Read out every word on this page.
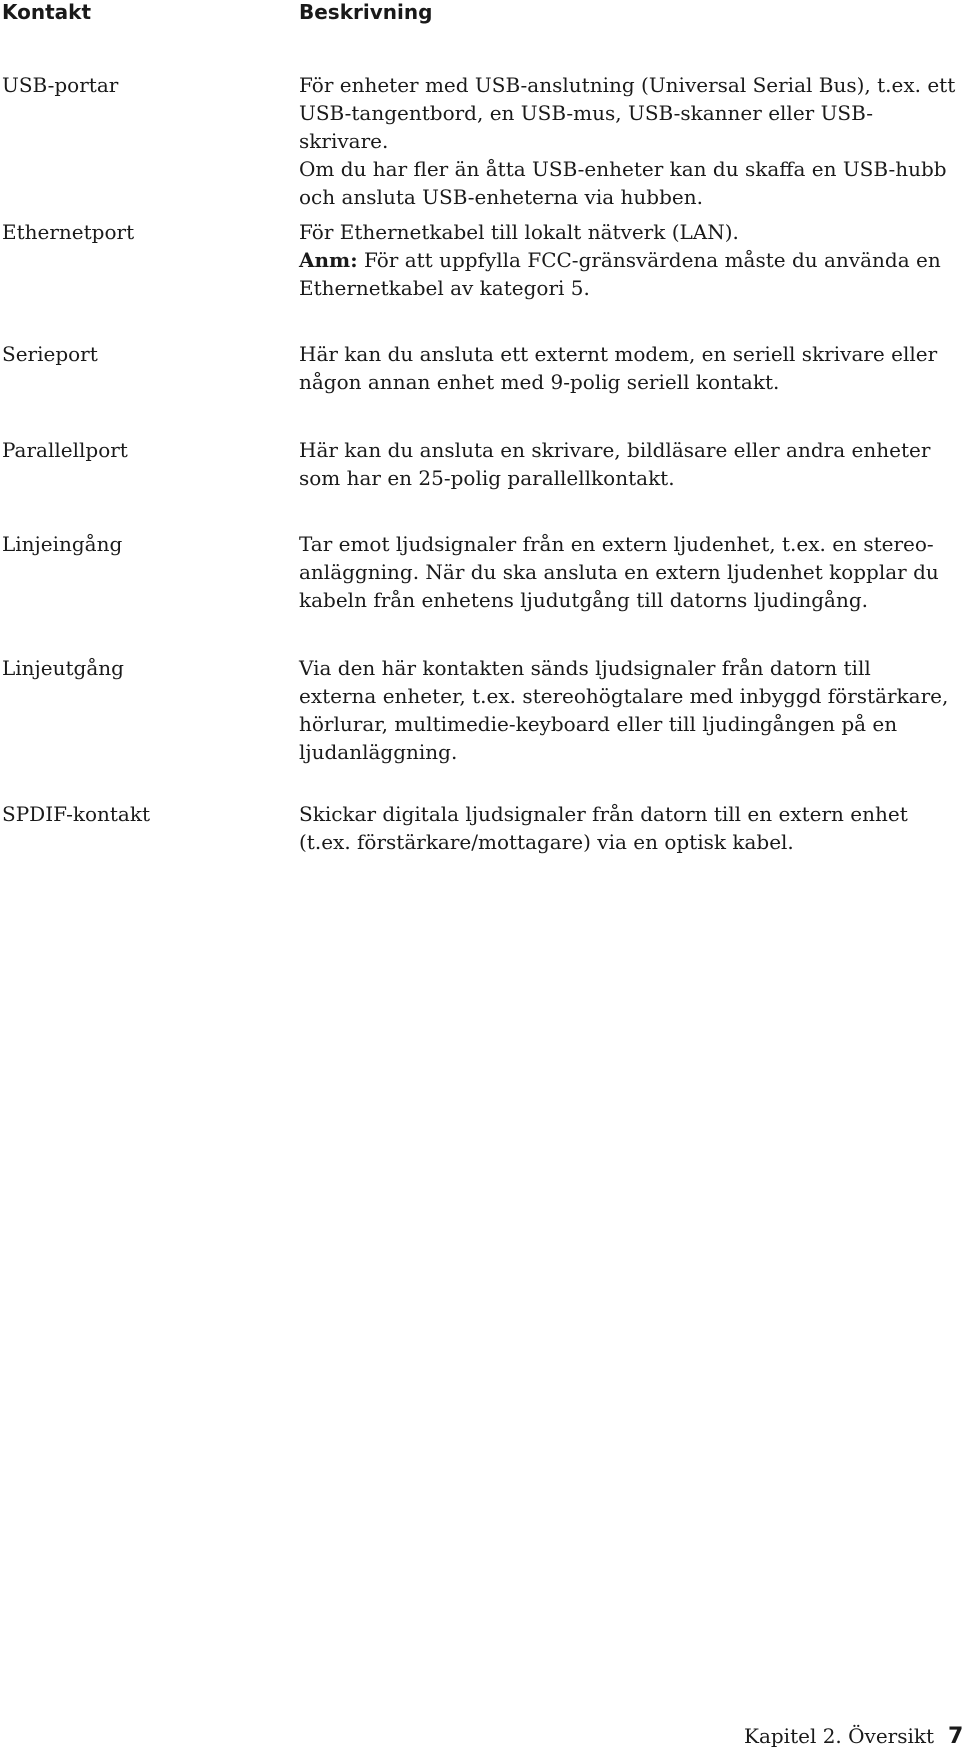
Kontakt	Beskrivning
USB-portar	För enheter med USB-anslutning (Universal Serial Bus), t.ex. ett

USB-tangentbord, en USB-mus, USB-skanner eller USB-skrivare.

Om du har fler än åtta USB-enheter kan du skaffa en USB-hubb

och ansluta USB-enheterna via hubben.

Ethernetport	För Ethernetkabel till lokalt nätverk (LAN).

Anm: För att uppfylla FCC-gränsvärdena måste du använda en

Ethernetkabel av kategori 5.

Serieport	Här kan du ansluta ett externt modem, en seriell skrivare eller

någon annan enhet med 9-polig seriell kontakt.

Parallellport	Här kan du ansluta en skrivare, bildläsare eller andra enheter

som har en 25-polig parallellkontakt.

Linjeingång	Tar emot ljudsignaler från en extern ljudenhet, t.ex. en stereo-

anläggning. När du ska ansluta en extern ljudenhet kopplar du

kabeln från enhetens ljudutgång till datorns ljudingång.

Linjeutgång	Via den här kontakten sänds ljudsignaler från datorn till

externa enheter, t.ex. stereohögtalare med inbyggd förstärkare,

hörlurar, multimedie-keyboard eller till ljudingången på en

ljudanläggning.

SPDIF-kontakt	Skickar digitala ljudsignaler från datorn till en extern enhet

(t.ex. förstärkare/mottagare) via en optisk kabel.

Kapitel 2. Översikt 7
